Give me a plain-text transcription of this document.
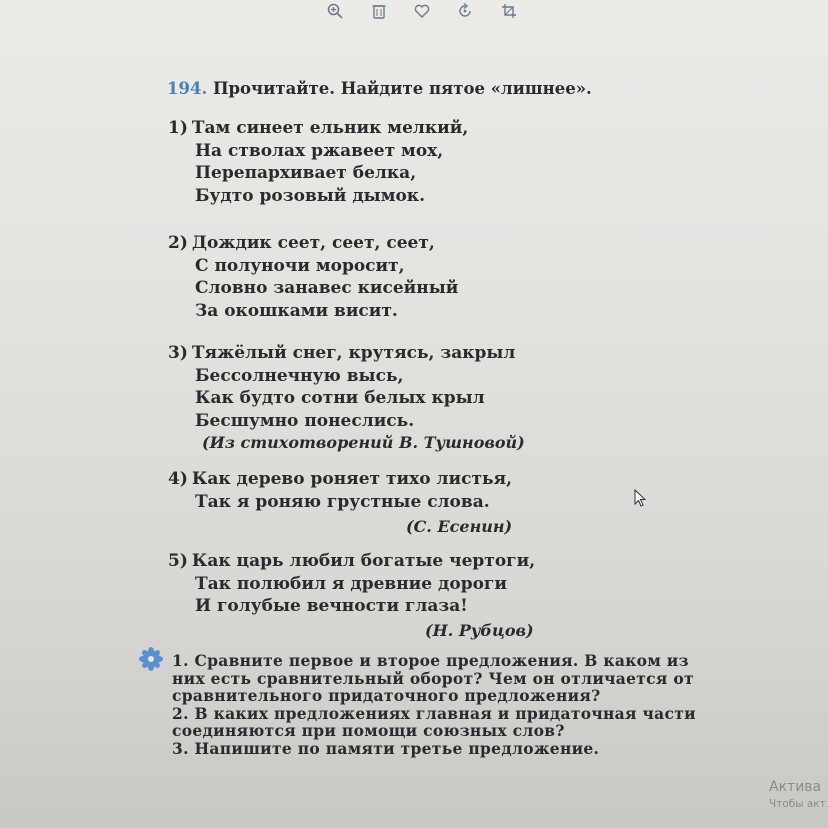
194. Прочитайте. Найдите пятое «лишнее».
1) Там синеет ельник мелкий,
На стволах ржавеет мох,
Перепархивает белка,
Будто розовый дымок.
2) Дождик сеет, сеет, сеет,
С полуночи моросит,
Словно занавес кисейный
За окошками висит.
3) Тяжёлый снег, крутясь, закрыл
Бессолнечную высь,
Как будто сотни белых крыл
Бесшумно понеслись.
(Из стихотворений В. Тушновой)
4) Как дерево роняет тихо листья,
Так я роняю грустные слова.
(С. Есенин)
5) Как царь любил богатые чертоги,
Так полюбил я древние дороги
И голубые вечности глаза!
(Н. Рубцов)
1. Сравните первое и второе предложения. В каком из
них есть сравнительный оборот? Чем он отличается от
сравнительного придаточного предложения?
2. В каких предложениях главная и придаточная части
соединяются при помощи союзных слов?
3. Напишите по памяти третье предложение.
Актива
Чтобы акт
